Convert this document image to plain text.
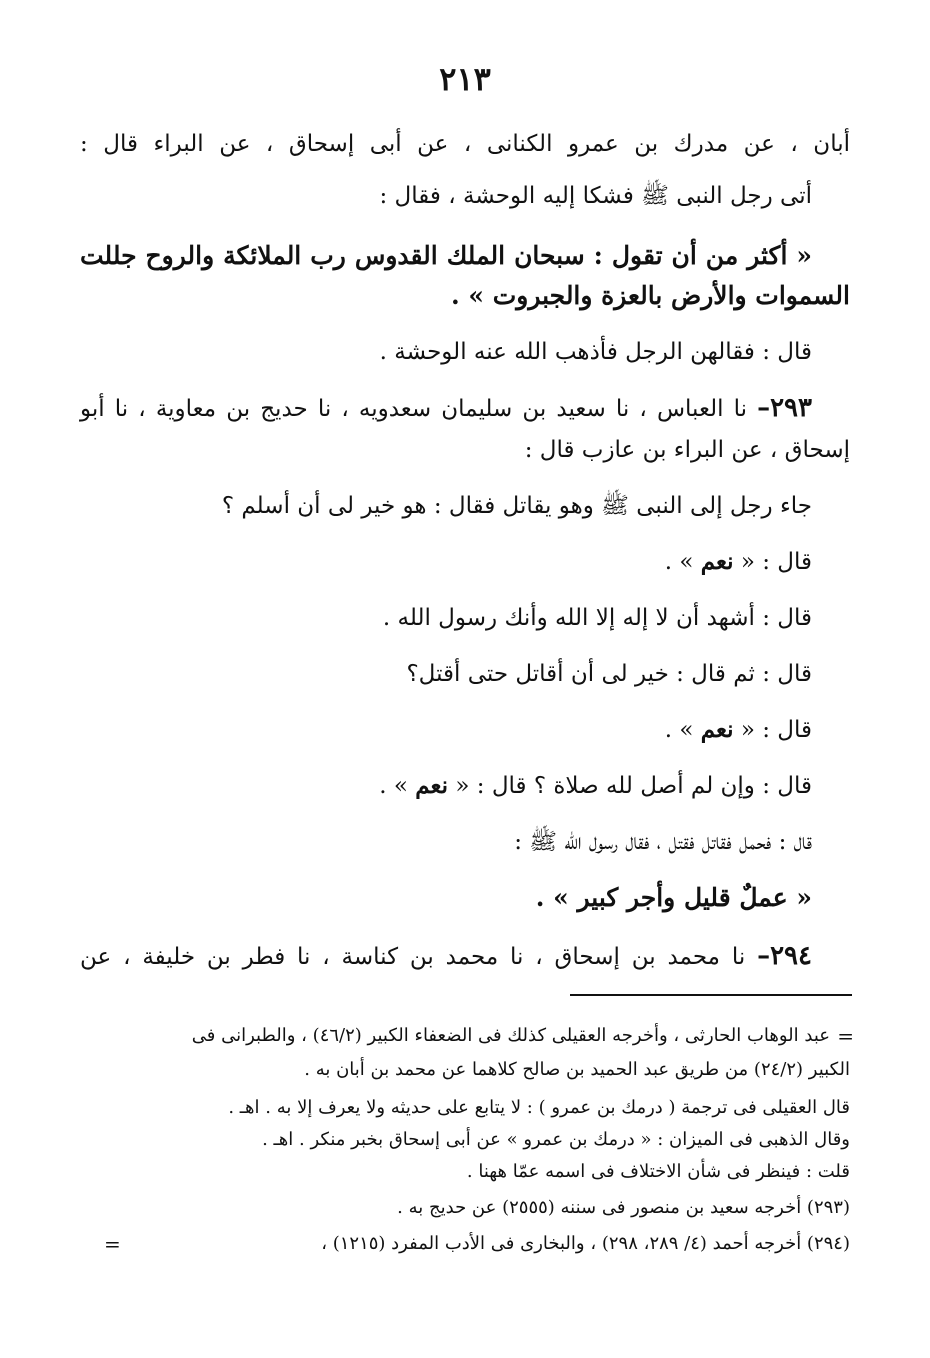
٢١٣
أبان ، عن مدرك بن عمرو الكنانى ، عن أبى إسحاق ، عن البراء قال :
أتى رجل النبى ﷺ فشكا إليه الوحشة ، فقال :
« أكثر من أن تقول : سبحان الملك القدوس رب الملائكة والروح جللت
السموات والأرض بالعزة والجبروت » .
قال : فقالهن الرجل فأذهب الله عنه الوحشة .
٢٩٣– نا العباس ، نا سعيد بن سليمان سعدويه ، نا حديج بن معاوية ، نا أبو
إسحاق ، عن البراء بن عازب قال :
جاء رجل إلى النبى ﷺ وهو يقاتل فقال : هو خير لى أن أسلم ؟
قال : « نعم » .
قال : أشهد أن لا إله إلا الله وأنك رسول الله .
قال : ثم قال : خير لى أن أقاتل حتى أقتل؟
قال : « نعم » .
قال : وإن لم أصل لله صلاة ؟ قال : « نعم » .
قال : فحمل فقاتل فقتل ، فقال رسول الله ﷺ :
« عملٌ قليل وأجر كبير » .
٢٩٤– نا محمد بن إسحاق ، نا محمد بن كناسة ، نا فطر بن خليفة ، عن
=
عبد الوهاب الحارثى ، وأخرجه العقيلى كذلك فى الضعفاء الكبير (٤٦/٢) ، والطبرانى فى
الكبير (٢٤/٢) من طريق عبد الحميد بن صالح كلاهما عن محمد بن أبان به .
قال العقيلى فى ترجمة ( درمك بن عمرو ) : لا يتابع على حديثه ولا يعرف إلا به . اهـ .
وقال الذهبى فى الميزان : « درمك بن عمرو » عن أبى إسحاق بخبر منكر . اهـ .
قلت : فينظر فى شأن الاختلاف فى اسمه عمّا ههنا .
(٢٩٣) أخرجه سعيد بن منصور فى سننه (٢٥٥٥) عن حديج به .
(٢٩٤) أخرجه أحمد (٤/ ٢٨٩، ٢٩٨) ، والبخارى فى الأدب المفرد (١٢١٥) ،
=
